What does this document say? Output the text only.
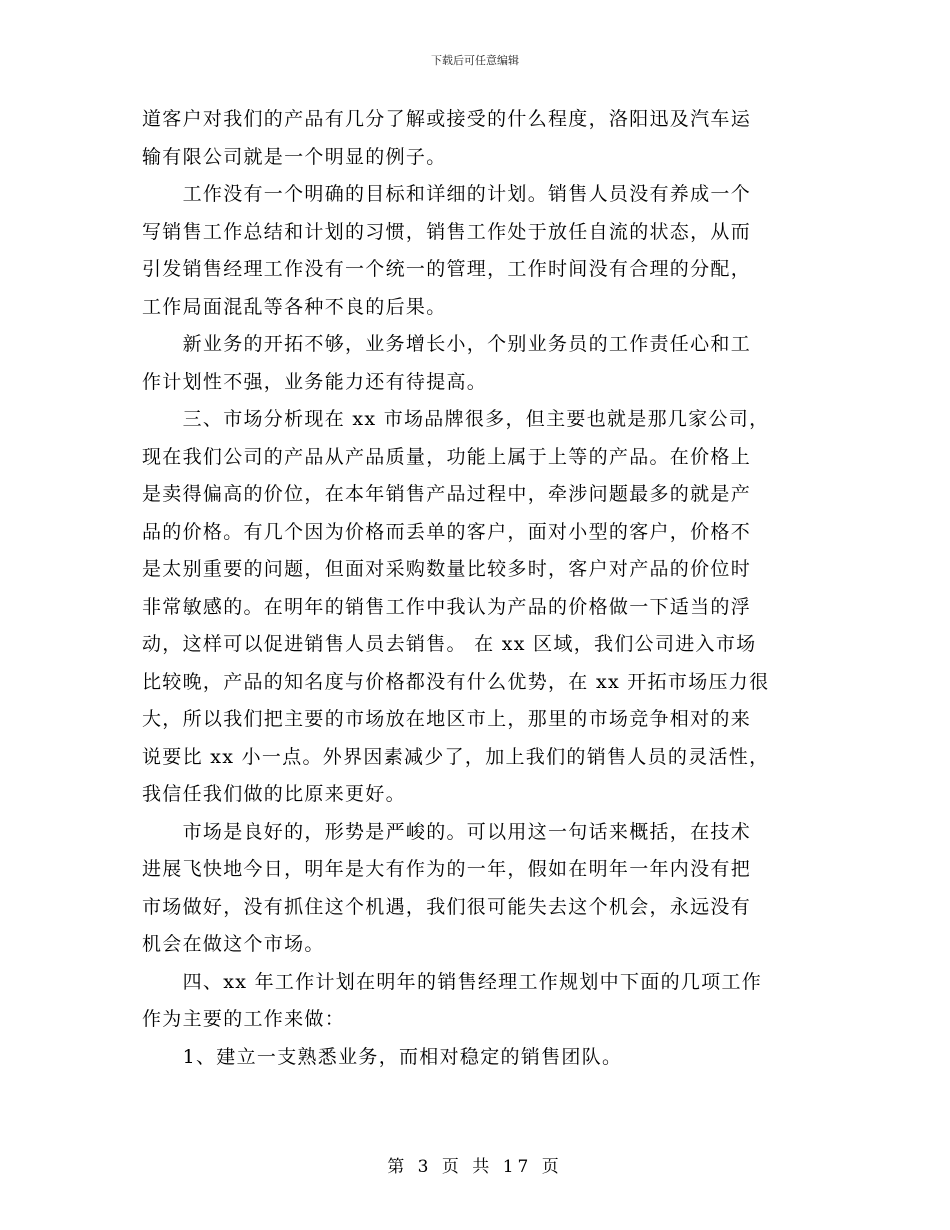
下载后可任意编辑

道客户对我们的产品有几分了解或接受的什么程度，洛阳迅及汽车运

输有限公司就是一个明显的例子。

　　工作没有一个明确的目标和详细的计划。销售人员没有养成一个

写销售工作总结和计划的习惯，销售工作处于放任自流的状态，从而

引发销售经理工作没有一个统一的管理，工作时间没有合理的分配，

工作局面混乱等各种不良的后果。

　　新业务的开拓不够，业务增长小，个别业务员的工作责任心和工

作计划性不强，业务能力还有待提高。

　　三、市场分析现在 xx 市场品牌很多，但主要也就是那几家公司，

现在我们公司的产品从产品质量，功能上属于上等的产品。在价格上

是卖得偏高的价位，在本年销售产品过程中，牵涉问题最多的就是产

品的价格。有几个因为价格而丢单的客户，面对小型的客户，价格不

是太别重要的问题，但面对采购数量比较多时，客户对产品的价位时

非常敏感的。在明年的销售工作中我认为产品的价格做一下适当的浮

动，这样可以促进销售人员去销售。 在 xx 区域，我们公司进入市场

比较晚，产品的知名度与价格都没有什么优势，在 xx 开拓市场压力很

大，所以我们把主要的市场放在地区市上，那里的市场竞争相对的来

说要比 xx 小一点。外界因素减少了，加上我们的销售人员的灵活性，

我信任我们做的比原来更好。

　　市场是良好的，形势是严峻的。可以用这一句话来概括，在技术

进展飞快地今日，明年是大有作为的一年，假如在明年一年内没有把

市场做好，没有抓住这个机遇，我们很可能失去这个机会，永远没有

机会在做这个市场。

　　四、xx 年工作计划在明年的销售经理工作规划中下面的几项工作

作为主要的工作来做：

　　1、建立一支熟悉业务，而相对稳定的销售团队。

第 3 页 共 17 页
